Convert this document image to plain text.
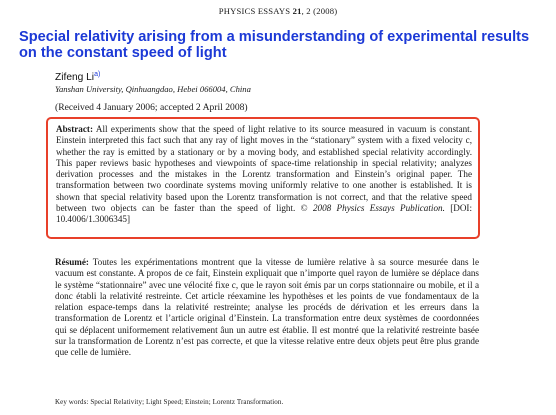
PHYSICS ESSAYS 21, 2 (2008)
Special relativity arising from a misunderstanding of experimental results on the constant speed of light
Zifeng Li$^{a)}$
Yanshan University, Qinhuangdao, Hebei 066004, China
(Received 4 January 2006; accepted 2 April 2008)

Abstract: All experiments show that the speed of light relative to its source measured in vacuum is constant. Einstein interpreted this fact such that any ray of light moves in the “stationary” system with a fixed velocity c, whether the ray is emitted by a stationary or by a moving body, and established special relativity accordingly. This paper reviews basic hypotheses and viewpoints of space-time relationship in special relativity; analyzes derivation processes and the mistakes in the Lorentz transformation and Einstein’s original paper. The transformation between two coordinate systems moving uniformly relative to one another is established. It is shown that special relativity based upon the Lorentz transformation is not correct, and that the relative speed between two objects can be faster than the speed of light. © 2008 Physics Essays Publication. [DOI: 10.4006/1.3006345]

Résumé: Toutes les expérimentations montrent que la vitesse de lumière relative à sa source mesurée dans le vacuum est constante. A propos de ce fait, Einstein expliquait que n’importe quel rayon de lumière se déplace dans le système “stationnaire” avec une vélocité fixe c, que le rayon soit émis par un corps stationnaire ou mobile, et il a donc établi la relativité restreinte. Cet article réexamine les hypothèses et les points de vue fondamentaux de la relation espace-temps dans la relativité restreinte; analyse les procéds de dérivation et les erreurs dans la transformation de Lorentz et l’article original d’Einstein. La transformation entre deux systèmes de coordonnées qui se déplacent uniformement relativement âun un autre est établie. Il est montré que la relativité restreinte basée sur la transformation de Lorentz n’est pas correcte, et que la vitesse relative entre deux objets peut être plus grande que celle de lumière.

Key words: Special Relativity; Light Speed; Einstein; Lorentz Transformation.
